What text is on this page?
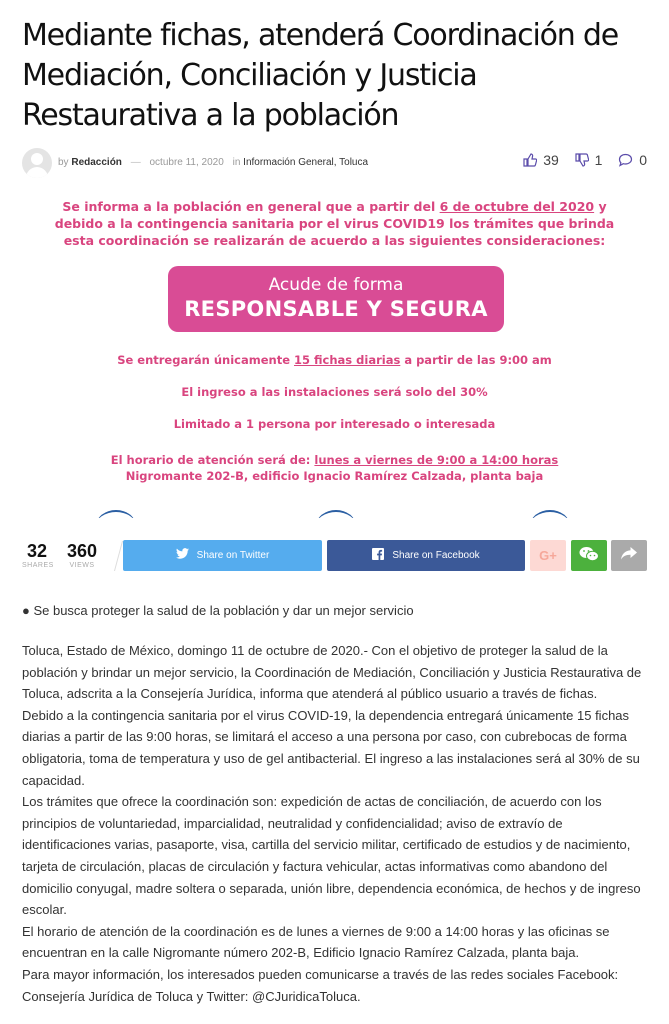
Mediante fichas, atenderá Coordinación de Mediación, Conciliación y Justicia Restaurativa a la población
by Redacción — octubre 11, 2020 in Información General, Toluca	39	1	0
Se informa a la población en general que a partir del 6 de octubre del 2020 y
debido a la contingencia sanitaria por el virus COVID19 los trámites que brinda
esta coordinación se realizarán de acuerdo a las siguientes consideraciones:
Acude de forma
RESPONSABLE Y SEGURA
Se entregarán únicamente 15 fichas diarias a partir de las 9:00 am
El ingreso a las instalaciones será solo del 30%
Limitado a 1 persona por interesado o interesada
El horario de atención será de: lunes a viernes de 9:00 a 14:00 horas
Nigromante 202-B, edificio Ignacio Ramírez Calzada, planta baja
32
SHARES
360
VIEWS
Share on Twitter	Share on Facebook	G+
● Se busca proteger la salud de la población y dar un mejor servicio

Toluca, Estado de México, domingo 11 de octubre de 2020.- Con el objetivo de proteger la salud de la población y brindar un mejor servicio, la Coordinación de Mediación, Conciliación y Justicia Restaurativa de Toluca, adscrita a la Consejería Jurídica, informa que atenderá al público usuario a través de fichas.

Debido a la contingencia sanitaria por el virus COVID-19, la dependencia entregará únicamente 15 fichas diarias a partir de las 9:00 horas, se limitará el acceso a una persona por caso, con cubrebocas de forma obligatoria, toma de temperatura y uso de gel antibacterial. El ingreso a las instalaciones será al 30% de su capacidad.

Los trámites que ofrece la coordinación son: expedición de actas de conciliación, de acuerdo con los principios de voluntariedad, imparcialidad, neutralidad y confidencialidad; aviso de extravío de identificaciones varias, pasaporte, visa, cartilla del servicio militar, certificado de estudios y de nacimiento, tarjeta de circulación, placas de circulación y factura vehicular, actas informativas como abandono del domicilio conyugal, madre soltera o separada, unión libre, dependencia económica, de hechos y de ingreso escolar.

El horario de atención de la coordinación es de lunes a viernes de 9:00 a 14:00 horas y las oficinas se encuentran en la calle Nigromante número 202-B, Edificio Ignacio Ramírez Calzada, planta baja.

Para mayor información, los interesados pueden comunicarse a través de las redes sociales Facebook: Consejería Jurídica de Toluca y Twitter: @CJuridicaToluca.
